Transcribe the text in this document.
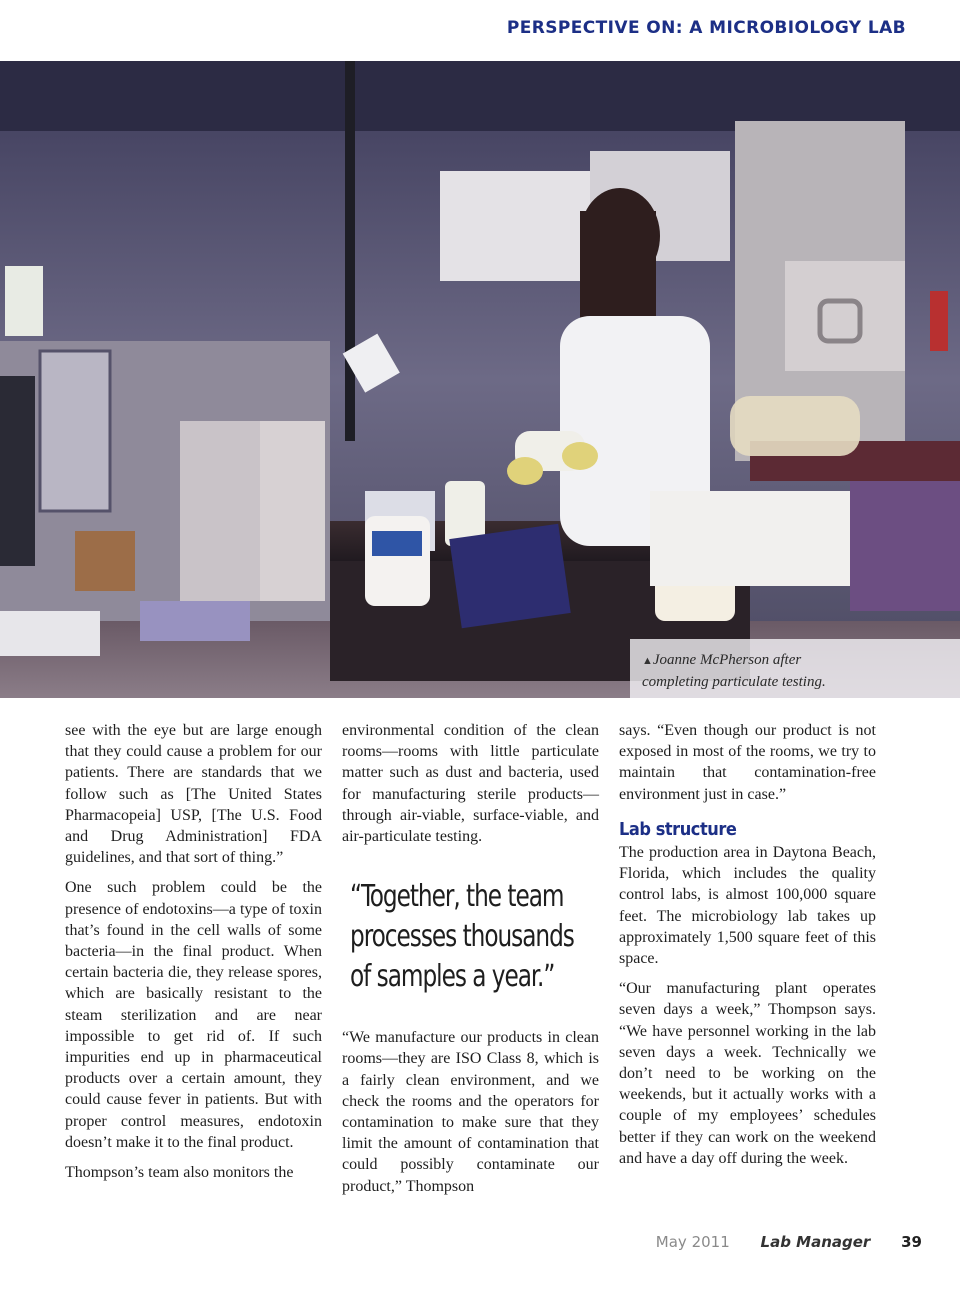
PERSPECTIVE ON: A MICROBIOLOGY LAB
▲Joanne McPherson after
completing particulate testing.

see with the eye but are large enough that they could cause a problem for our patients. There are standards that we follow such as [The United States Pharmacopeia] USP, [The U.S. Food and Drug Administration] FDA guidelines, and that sort of thing.”

One such problem could be the presence of endotoxins—a type of toxin that’s found in the cell walls of some bacteria—in the final product. When certain bacteria die, they release spores, which are basically resistant to the steam sterilization and are near impossible to get rid of. If such impurities end up in pharmaceutical products over a certain amount, they could cause fever in patients. But with proper control measures, endotoxin doesn’t make it to the final product.

Thompson’s team also monitors the

environmental condition of the clean rooms—rooms with little particulate matter such as dust and bacteria, used for manufacturing sterile products—through air-viable, surface-viable, and air-particulate testing.

“Together, the team processes thousands of samples a year.”

“We manufacture our products in clean rooms—they are ISO Class 8, which is a fairly clean environment, and we check the rooms and the operators for contamination to make sure that they limit the amount of contamination that could possibly contaminate our product,” Thompson

says. “Even though our product is not exposed in most of the rooms, we try to maintain that contamination-free environment just in case.”

Lab structure

The production area in Daytona Beach, Florida, which includes the quality control labs, is almost 100,000 square feet. The microbiology lab takes up approximately 1,500 square feet of this space.

“Our manufacturing plant operates seven days a week,” Thompson says. “We have personnel working in the lab seven days a week. Technically we don’t need to be working on the weekends, but it actually works with a couple of my employees’ schedules better if they can work on the weekend and have a day off during the week.

May 2011 Lab Manager 39
